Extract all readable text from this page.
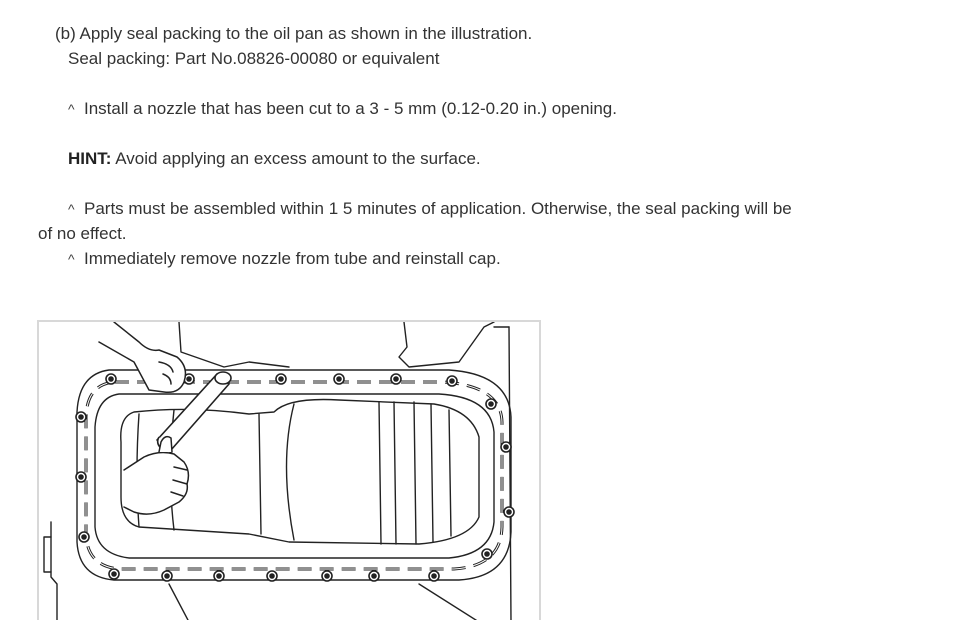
(b) Apply seal packing to the oil pan as shown in the illustration.
Seal packing: Part No.08826-00080 or equivalent
^ Install a nozzle that has been cut to a 3 - 5 mm (0.12-0.20 in.) opening.
HINT: Avoid applying an excess amount to the surface.
^ Parts must be assembled within 1 5 minutes of application. Otherwise, the seal packing will be
of no effect.
^ Immediately remove nozzle from tube and reinstall cap.
